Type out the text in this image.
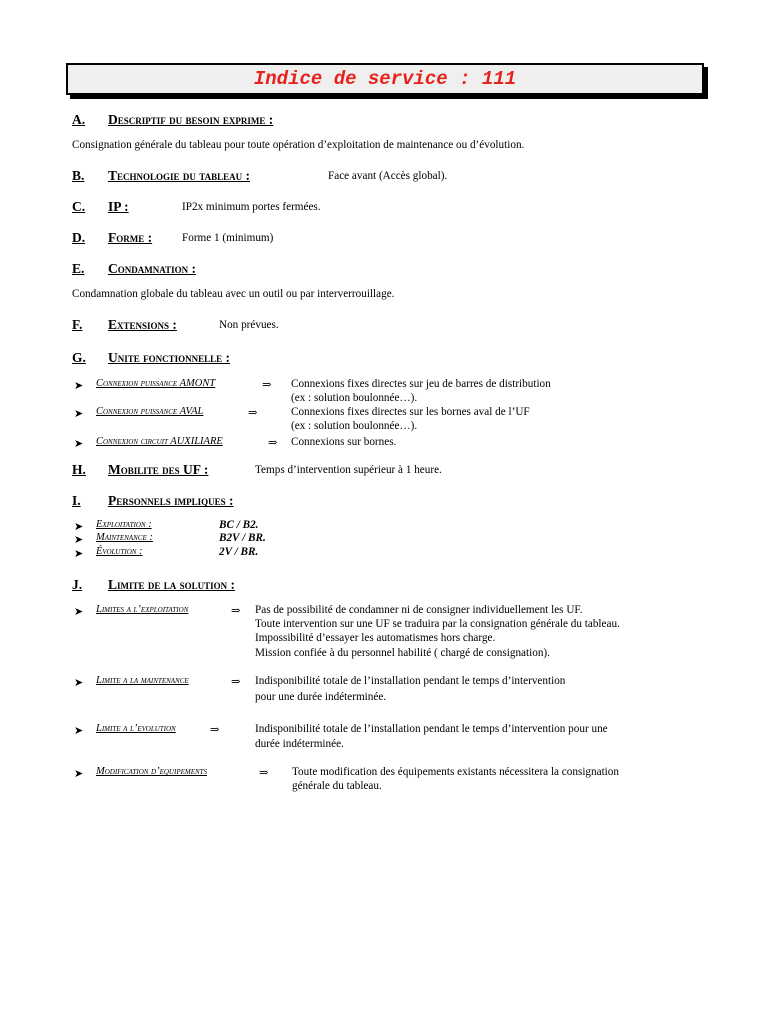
Indice de service : 111
A. Descriptif du besoin exprime :
Consignation générale du tableau pour toute opération d’exploitation de maintenance ou d’évolution.
B. Technologie du tableau :	Face avant (Accès global).
C. IP :	IP2x minimum portes fermées.
D. Forme :	Forme 1 (minimum)
E. Condamnation :
Condamnation globale du tableau avec un outil ou par interverrouillage.
F. Extensions :	Non prévues.
G. Unite fonctionnelle :
➤ Connexion puissance AMONT	⇒ Connexions fixes directes sur jeu de barres de distribution
(ex : solution boulonnée…).
➤ Connexion puissance AVAL	⇒	Connexions fixes directes sur les bornes aval de l’UF
(ex : solution boulonnée…).
➤ Connexion circuit AUXILIARE	⇒ Connexions sur bornes.
H. Mobilite des UF :	Temps d’intervention supérieur à 1 heure.
I. Personnels impliques :
➤ Exploitation :	BC / B2.
➤ Maintenance :	B2V / BR.
➤ Évolution :	2V / BR.
J. Limite de la solution :
➤ Limites a l’exploitation	⇒ Pas de possibilité de condamner ni de consigner individuellement les UF.
Toute intervention sur une UF se traduira par la consignation générale du tableau.
Impossibilité d’essayer les automatismes hors charge.
Mission confiée à du personnel habilité ( chargé de consignation).
➤ Limite a la maintenance	⇒ Indisponibilité totale de l’installation pendant le temps d’intervention
pour une durée indéterminée.
➤ Limite a l’evolution	⇒	Indisponibilité totale de l’installation pendant le temps d’intervention pour une
durée indéterminée.
➤ Modification d’equipements	⇒ Toute modification des équipements existants nécessitera la consignation
générale du tableau.
